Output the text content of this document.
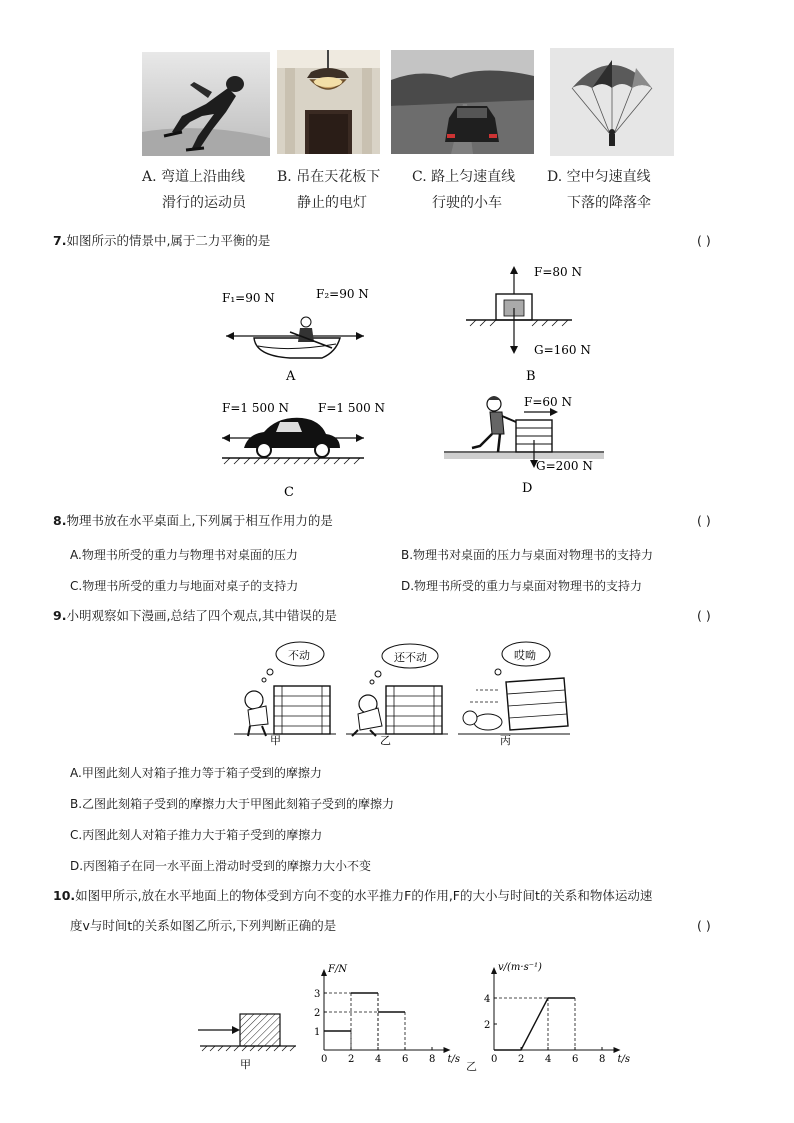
A. 弯道上沿曲线
滑行的运动员
B. 吊在天花板下
静止的电灯
C. 路上匀速直线
行驶的小车
D. 空中匀速直线
下落的降落伞
7.如图所示的情景中,属于二力平衡的是	( )
F₁=90 N	F₂=90 N
A
F=80 N
G=160 N
B
F=1 500 N F=1 500 N
C
F=60 N
G=200 N
D
8.物理书放在水平桌面上,下列属于相互作用力的是	( )
A.物理书所受的重力与物理书对桌面的压力	B.物理书对桌面的压力与桌面对物理书的支持力
C.物理书所受的重力与地面对桌子的支持力	D.物理书所受的重力与桌面对物理书的支持力
9.小明观察如下漫画,总结了四个观点,其中错误的是	( )
不动
甲
还不动
乙
哎呦
丙
A.甲图此刻人对箱子推力等于箱子受到的摩擦力
B.乙图此刻箱子受到的摩擦力大于甲图此刻箱子受到的摩擦力
C.丙图此刻人对箱子推力大于箱子受到的摩擦力
D.丙图箱子在同一水平面上滑动时受到的摩擦力大小不变
10.如图甲所示,放在水平地面上的物体受到方向不变的水平推力F的作用,F的大小与时间t的关系和物体运动速
度v与时间t的关系如图乙所示,下列判断正确的是	( )
甲	0 2 4 6 8
1
2
3
F/N
t/s	0 2 4 6 8
2
4
v/(m·s⁻¹)
t/s
乙
